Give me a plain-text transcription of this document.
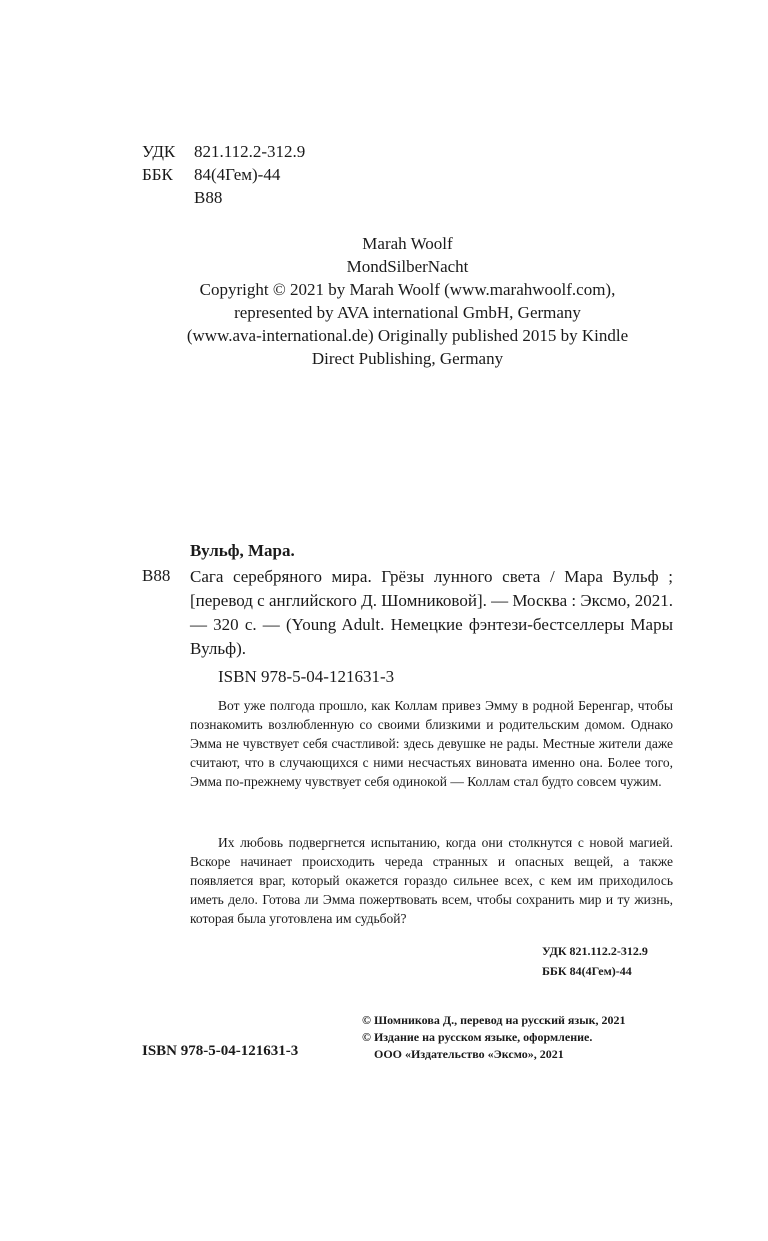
УДК 821.112.2-312.9
ББК 84(4Гем)-44
В88
Marah Woolf
MondSilberNacht
Copyright © 2021 by Marah Woolf (www.marahwoolf.com),
represented by AVA international GmbH, Germany
(www.ava-international.de) Originally published 2015 by Kindle
Direct Publishing, Germany
Вульф, Мара.
В88 Сага серебряного мира. Грёзы лунного света / Мара Вульф ; [перевод с английского Д. Шомниковой]. — Москва : Эксмо, 2021. — 320 с. — (Young Adult. Немецкие фэнтези-бестселлеры Мары Вульф).
ISBN 978-5-04-121631-3

Вот уже полгода прошло, как Коллам привез Эмму в родной Беренгар, чтобы познакомить возлюбленную со своими близкими и родительским домом. Однако Эмма не чувствует себя счастливой: здесь девушке не рады. Местные жители даже считают, что в случающихся с ними несчастьях виновата именно она. Более того, Эмма по-прежнему чувствует себя одинокой — Коллам стал будто совсем чужим.

Их любовь подвергнется испытанию, когда они столкнутся с новой магией. Вскоре начинает происходить череда странных и опасных вещей, а также появляется враг, который окажется гораздо сильнее всех, с кем им приходилось иметь дело. Готова ли Эмма пожертвовать всем, чтобы сохранить мир и ту жизнь, которая была уготовлена им судьбой?

УДК 821.112.2-312.9
ББК 84(4Гем)-44
© Шомникова Д., перевод на русский язык, 2021
© Издание на русском языке, оформление.
ООО «Издательство «Эксмо», 2021
ISBN 978-5-04-121631-3
